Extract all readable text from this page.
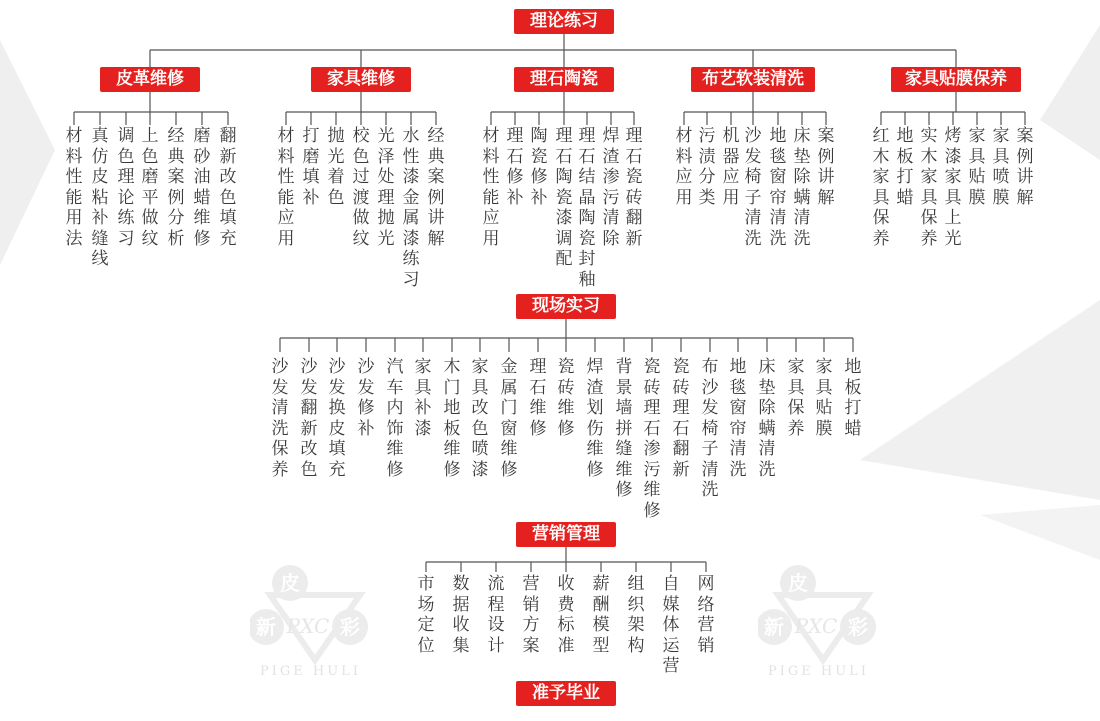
皮
新	彩
PXC
PIGE HULI
皮
新	彩
PXC
PIGE HULI
理论练习
皮革维修	家具维修	理石陶瓷	布艺软装清洗	家具贴膜保养
现场实习
营销管理
准予毕业
材料性能用法
真仿皮粘补缝线
调色理论练习
上色磨平做纹
经典案例分析
磨砂油蜡维修
翻新改色填充
材料性能应用
打磨填补
抛光着色
校色过渡做纹
光泽处理抛光
水性漆金属漆练习
经典案例讲解
材料性能应用
理石修补
陶瓷修补
理石陶瓷漆调配
理石结晶陶瓷封釉
焊渣渗污清除
理石瓷砖翻新
材料应用
污渍分类
机器应用
沙发椅子清洗
地毯窗帘清洗
床垫除螨清洗
案例讲解
红木家具保养
地板打蜡
实木家具保养
烤漆家具上光
家具贴膜
家具喷膜
案例讲解
沙发清洗保养
沙发翻新改色
沙发换皮填充
沙发修补
汽车内饰维修
家具补漆
木门地板维修
家具改色喷漆
金属门窗维修
理石维修
瓷砖维修
焊渣划伤维修
背景墙拼缝维修
瓷砖理石渗污维修
瓷砖理石翻新
布沙发椅子清洗
地毯窗帘清洗
床垫除螨清洗
家具保养
家具贴膜
地板打蜡
市场定位
数据收集
流程设计
营销方案
收费标准
薪酬模型
组织架构
自媒体运营
网络营销
